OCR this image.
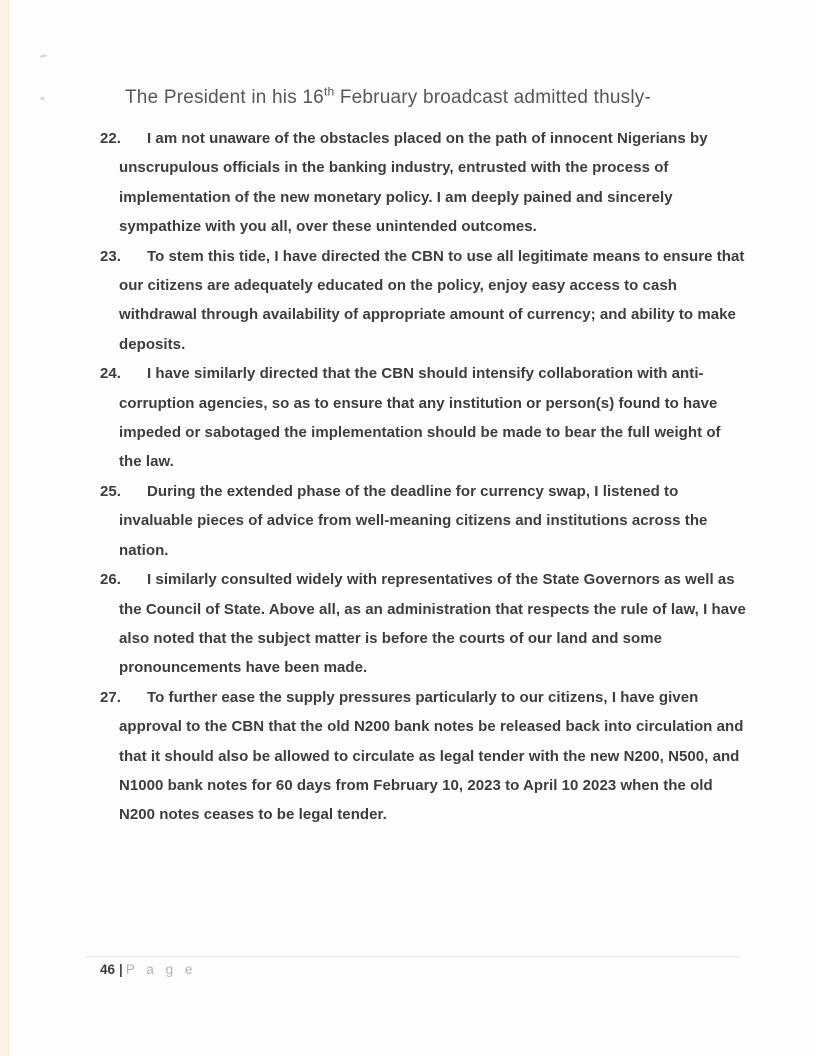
The President in his 16th February broadcast admitted thusly-

22. I am not unaware of the obstacles placed on the path of innocent Nigerians by unscrupulous officials in the banking industry, entrusted with the process of implementation of the new monetary policy. I am deeply pained and sincerely sympathize with you all, over these unintended outcomes.

23. To stem this tide, I have directed the CBN to use all legitimate means to ensure that our citizens are adequately educated on the policy, enjoy easy access to cash withdrawal through availability of appropriate amount of currency; and ability to make deposits.

24. I have similarly directed that the CBN should intensify collaboration with anti-corruption agencies, so as to ensure that any institution or person(s) found to have impeded or sabotaged the implementation should be made to bear the full weight of the law.

25. During the extended phase of the deadline for currency swap, I listened to invaluable pieces of advice from well-meaning citizens and institutions across the nation.

26. I similarly consulted widely with representatives of the State Governors as well as the Council of State. Above all, as an administration that respects the rule of law, I have also noted that the subject matter is before the courts of our land and some pronouncements have been made.

27. To further ease the supply pressures particularly to our citizens, I have given approval to the CBN that the old N200 bank notes be released back into circulation and that it should also be allowed to circulate as legal tender with the new N200, N500, and N1000 bank notes for 60 days from February 10, 2023 to April 10 2023 when the old N200 notes ceases to be legal tender.

46 | P a g e
